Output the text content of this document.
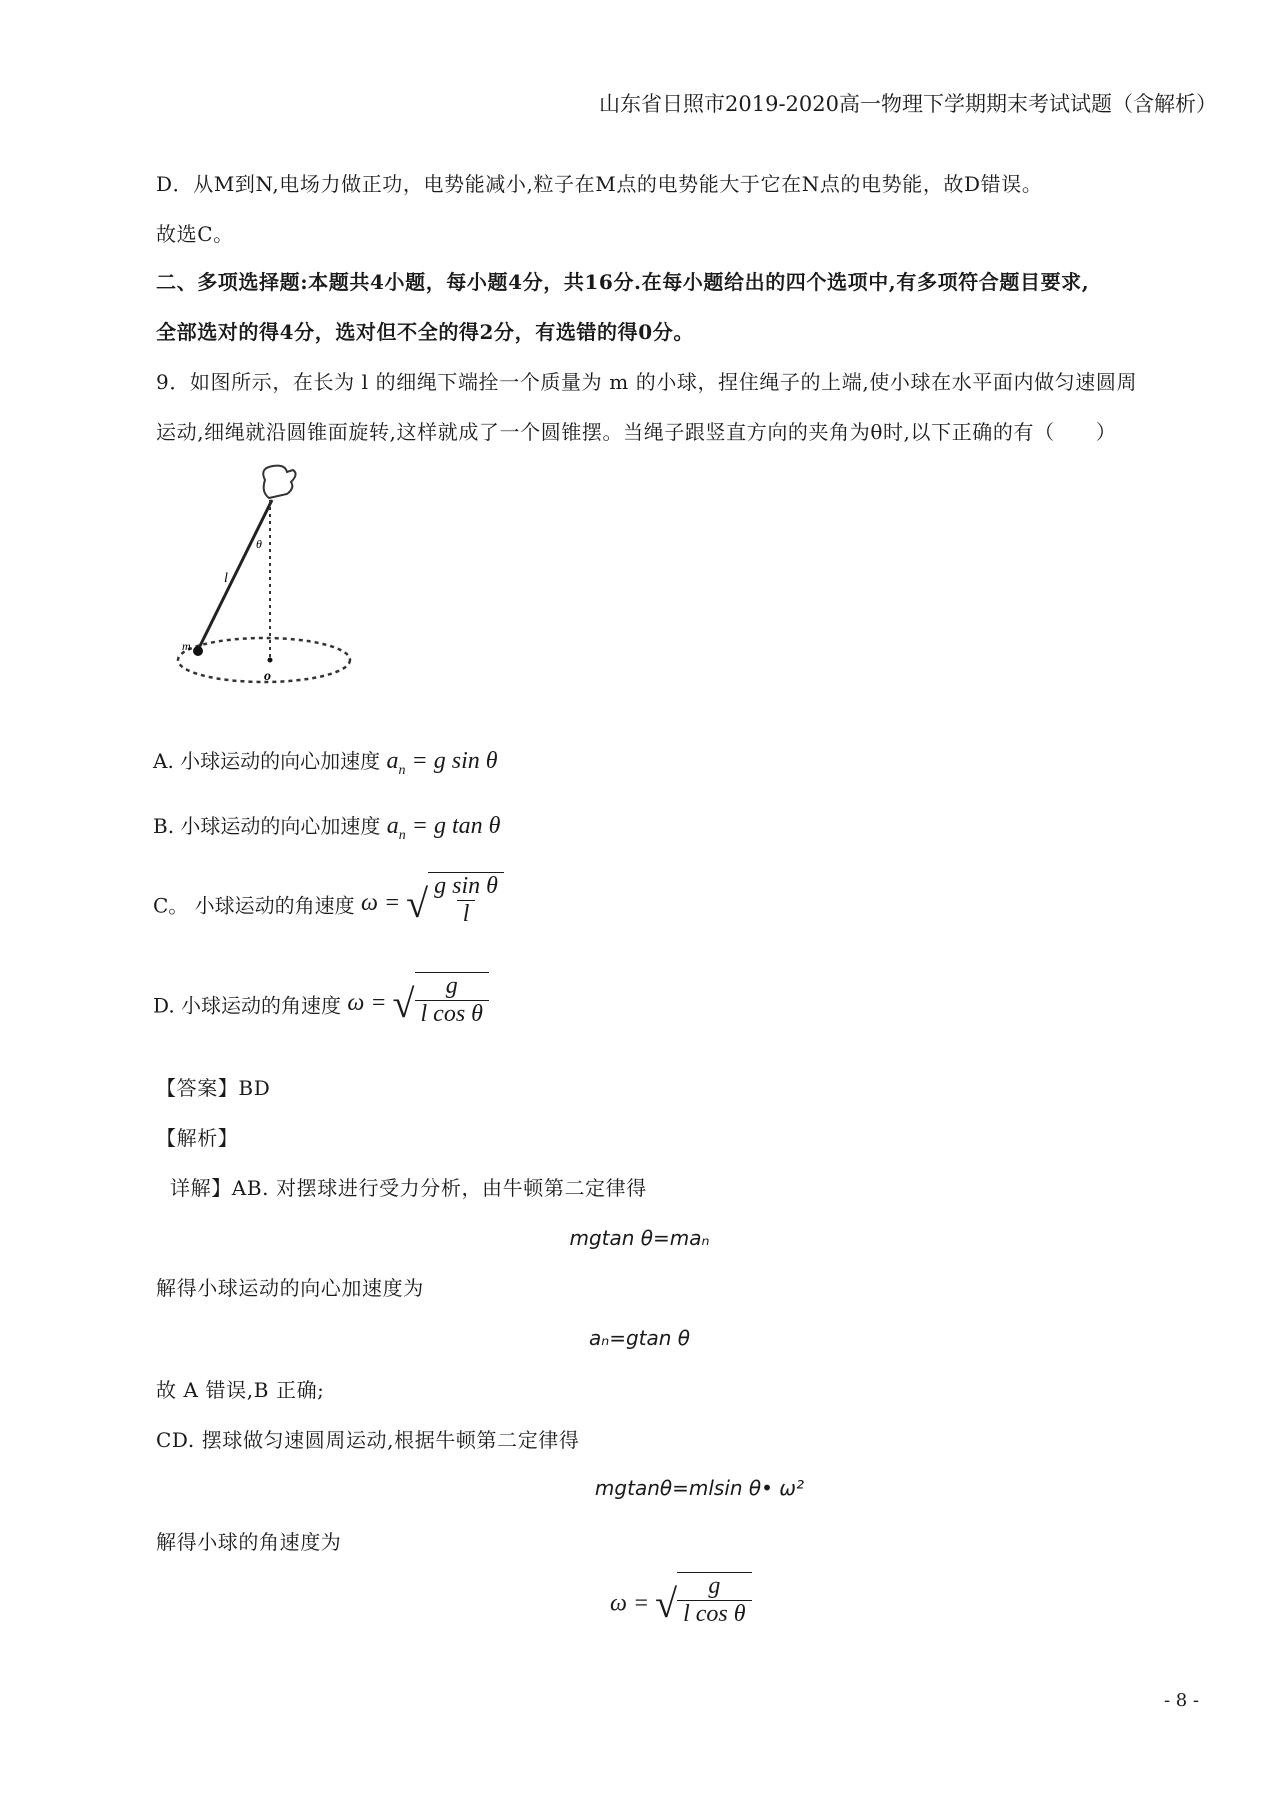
山东省日照市2019-2020高一物理下学期期末考试试题（含解析）
D．从M到N,电场力做正功，电势能减小,粒子在M点的电势能大于它在N点的电势能，故D错误。
故选C。
二、多项选择题:本题共4小题，每小题4分，共16分.在每小题给出的四个选项中,有多项符合题目要求,
全部选对的得4分，选对但不全的得2分，有选错的得0分。
9．如图所示，在长为 l 的细绳下端拴一个质量为 m 的小球，捏住绳子的上端,使小球在水平面内做匀速圆周
运动,细绳就沿圆锥面旋转,这样就成了一个圆锥摆。当绳子跟竖直方向的夹角为θ时,以下正确的有（　　）
θ
l
m
o
A. 小球运动的向心加速度 $a_n = g$ sin θ
B. 小球运动的向心加速度 $a_n = g$ tan θ
C。 小球运动的角速度 ω = √ $\frac{\text{g sin θ}}{l}$
D. 小球运动的角速度 ω = √ $\frac{g}{\text{l cos θ}}$
【答案】BD
【解析】
详解】AB. 对摆球进行受力分析，由牛顿第二定律得
mgtan θ=maₙ
解得小球运动的向心加速度为
aₙ=gtan θ
故 A 错误,B 正确;
CD. 摆球做匀速圆周运动,根据牛顿第二定律得
mgtanθ=mlsin θ• ω²
解得小球的角速度为
ω = √ $\frac{g}{\text{l cos θ}}$
- 8 -
